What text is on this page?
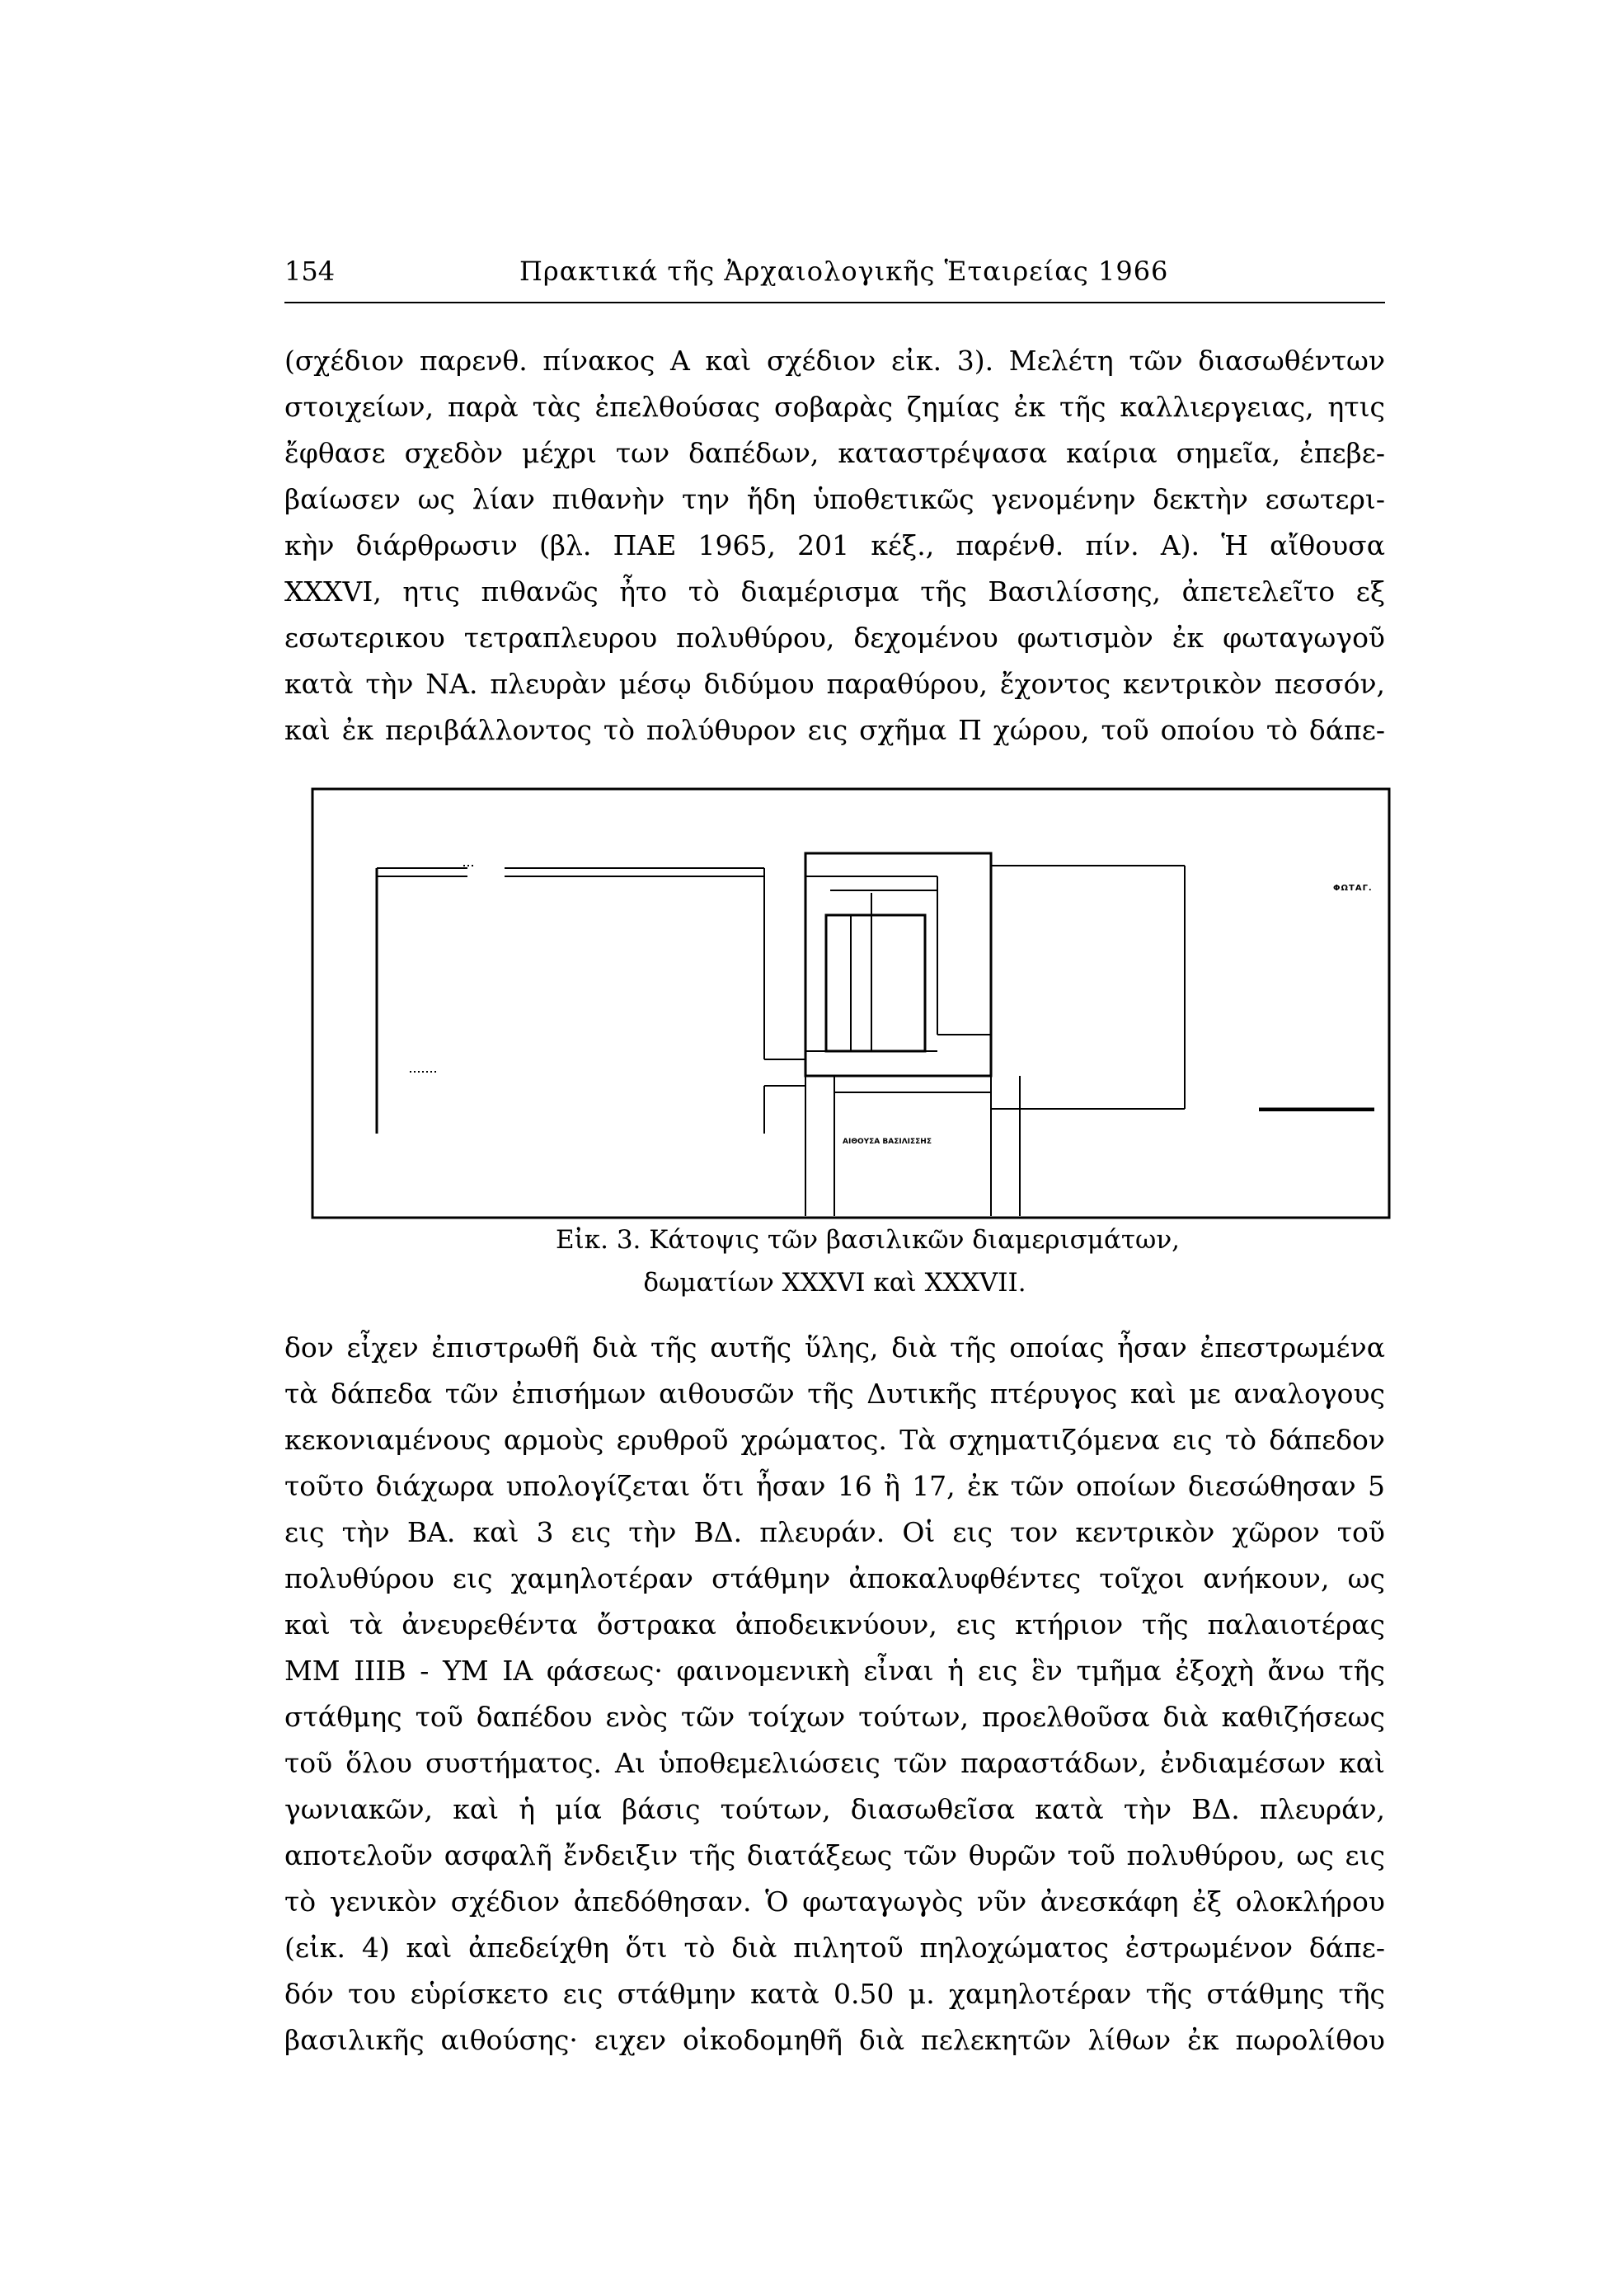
154	Πρακτικά τῆς Ἀρχαιολογικῆς Ἑταιρείας 1966
(σχέδιον παρενθ. πίνακος Α καὶ σχέδιον εἰκ. 3). Μελέτη τῶν διασωθέντων
στοιχείων, παρὰ τὰς ἐπελθούσας σοβαρὰς ζημίας ἐκ τῆς καλλιεργειας, ητις
ἔφθασε σχεδὸν μέχρι των δαπέδων, καταστρέψασα καίρια σημεῖα, ἐπεβε-
βαίωσεν ως λίαν πιθανὴν την ἤδη ὑποθετικῶς γενομένην δεκτὴν εσωτερι-
κὴν διάρθρωσιν (βλ. ΠΑΕ 1965, 201 κέξ., παρένθ. πίν. Α). Ἡ αἴθουσα
XXXVI, ητις πιθανῶς ἦτο τὸ διαμέρισμα τῆς Βασιλίσσης, ἀπετελεῖτο εξ
εσωτερικου τετραπλευρου πολυθύρου, δεχομένου φωτισμὸν ἐκ φωταγωγοῦ
κατὰ τὴν ΝΑ. πλευρὰν μέσῳ διδύμου παραθύρου, ἔχοντος κεντρικὸν πεσσόν,
καὶ ἐκ περιβάλλοντος τὸ πολύθυρον εις σχῆμα Π χώρου, τοῦ οποίου τὸ δάπε-
ΦΩΤΑΓ.
ΑΙΘΟΥΣΑ ΒΑΣΙΛΙΣΣΗΣ
Εἰκ. 3. Κάτοψις τῶν βασιλικῶν διαμερισμάτων,
δωματίων XXXVI καὶ XXXVII.
δον εἶχεν ἐπιστρωθῆ διὰ τῆς αυτῆς ὕλης, διὰ τῆς οποίας ἦσαν ἐπεστρωμένα
τὰ δάπεδα τῶν ἐπισήμων αιθουσῶν τῆς Δυτικῆς πτέρυγος καὶ με αναλογους
κεκονιαμένους αρμοὺς ερυθροῦ χρώματος. Τὰ σχηματιζόμενα εις τὸ δάπεδον
τοῦτο διάχωρα υπολογίζεται ὅτι ἦσαν 16 ἢ 17, ἐκ τῶν οποίων διεσώθησαν 5
εις τὴν ΒΑ. καὶ 3 εις τὴν ΒΔ. πλευράν. Οἱ εις τον κεντρικὸν χῶρον τοῦ
πολυθύρου εις χαμηλοτέραν στάθμην ἀποκαλυφθέντες τοῖχοι ανήκουν, ως
καὶ τὰ ἀνευρεθέντα ὄστρακα ἀποδεικνύουν, εις κτήριον τῆς παλαιοτέρας
ΜΜ ΙΙΙΒ - ΥΜ ΙΑ φάσεως· φαινομενικὴ εἶναι ἡ εις ἓν τμῆμα ἐξοχὴ ἄνω τῆς
στάθμης τοῦ δαπέδου ενὸς τῶν τοίχων τούτων, προελθοῦσα διὰ καθιζήσεως
τοῦ ὅλου συστήματος. Αι ὑποθεμελιώσεις τῶν παραστάδων, ἐνδιαμέσων καὶ
γωνιακῶν, καὶ ἡ μία βάσις τούτων, διασωθεῖσα κατὰ τὴν ΒΔ. πλευράν,
αποτελοῦν ασφαλῆ ἔνδειξιν τῆς διατάξεως τῶν θυρῶν τοῦ πολυθύρου, ως εις
τὸ γενικὸν σχέδιον ἀπεδόθησαν. Ὁ φωταγωγὸς νῦν ἀνεσκάφη ἐξ ολοκλήρου
(εἰκ. 4) καὶ ἀπεδείχθη ὅτι τὸ διὰ πιλητοῦ πηλοχώματος ἐστρωμένον δάπε-
δόν του εὑρίσκετο εις στάθμην κατὰ 0.50 μ. χαμηλοτέραν τῆς στάθμης τῆς
βασιλικῆς αιθούσης· ειχεν οἰκοδομηθῆ διὰ πελεκητῶν λίθων ἐκ πωρολίθου
